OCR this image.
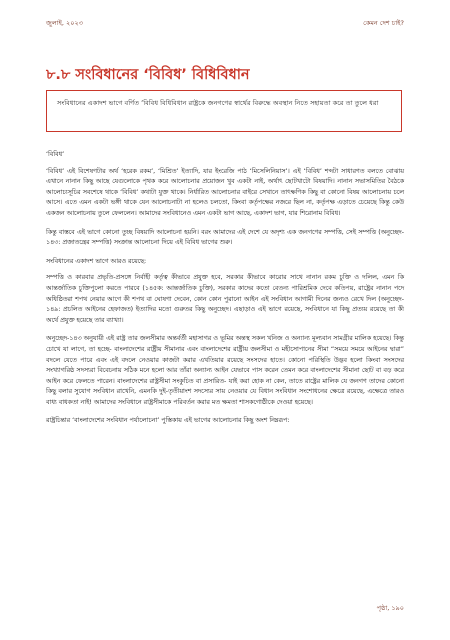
জুলাই, ২০২৩	কেমন দেশ চাই?
৮.৮ সংবিধানের ‘বিবিধ’ বিধিবিধান

সংবিধানের একাদশ ভাগে বর্ণিত ‘বিবিধ বিধিবিধান রাষ্ট্রকে জনগণের স্বার্থের বিরুদ্ধে অবস্থান নিতে সহায়তা করে তা তুলে ধরা

‘বিবিধ’

‘বিবিধ’ এই বিশেষণটার অর্থ ‘হরেক রকম’, ‘মিশ্রিত’ ইত্যাদি, যার ইংরেজি পাঠ ‘মিসেলিনিয়াস’। এই ‘বিবিধ’ শব্দটা সাধারণত বলতে বোঝায় এখানে নানান কিছু আছে যেগুলোকে পৃথক করে আলোচনার প্রয়োজন খুব একটা নাই, অর্থাৎ ছোটখাটো বিষয়াদি। নানান সভাসমিতির বৈঠকে আলোচ্যসূচির সবশেষে থাকে ‘বিবিধ’ কথাটা যুক্ত থাকে। নির্ধারিত আলোচনার বাইরে সেখানে তাৎক্ষণিক কিছু বা কোনো বিষয় আলোচনায় চলে আসে। এতে এমন একটা ভঙ্গী থাকে যেন আলোচনাটা না হলেও চলতো, কিংবা কর্তৃপক্ষের নজরে ছিল না, কর্তৃপক্ষ এড়াতে চেয়েছে কিন্তু কেউ একজন আলোচনায় তুলে ফেললেন। আমাদের সংবিধানেও এমন একটা ভাগ আছে, একাদশ ভাগ, যার শিরোনাম বিবিধ।

কিন্তু বাস্তবে এই ভাগে কোনো তুচ্ছ বিষয়াদি আলোচনা হয়নি। বরং আমাদের এই দেশে যে অদৃশ্য এক জনগণের সম্পত্তি, সেই সম্পত্তি (অনুচ্ছেদ- ১৪৩: প্রজাতন্ত্রের সম্পত্তি) সংক্রান্ত আলোচনা দিয়ে এই বিবিধ ভাগের শুরু।

সংবিধানের একাদশ ভাগে আরও রয়েছে:

সম্পত্তি ও কারবার প্রভৃতি-প্রসঙ্গে নির্বাহী কর্তৃত্ব কীভাবে প্রযুক্ত হবে, সরকার কীভাবে কারোর সাথে নানান রকম চুক্তি ও দলিল, এমন কি আন্তর্জাতিক চুক্তিপুলো করতে পারবে (১৪৫ক: আন্তর্জাতিক চুক্তি), সরকার কাদের কতো বেতন্য পারিশ্রমিক দেবে কতিপয়, রাষ্ট্রের নানান পদে অধিষ্ঠিতরা শপথ নেয়ার আগে কী শপথ বা ঘোষণা দেবেন, কোন কোন পুরানো আইন এই সংবিধান আগামী দিনের জন্যও রেখে দিল (অনুচ্ছেদ- ১৪৯: প্রচলিত আইনের হেফাজত) ইত্যাদির মতো গুরুতর কিছু অনুচ্ছেদ। এছাড়াও এই ভাগে রয়েছে, সংবিধানে যা কিছু প্রত্যয় রয়েছে তা কী অর্থে প্রযুক্ত হয়েছে তার ব্যাখ্যা।

অনুচ্ছেদ-১৪৩ অনুযায়ী এই রাষ্ট্র তার জলসীমার অন্তর্বর্তী মহাসাগর ও ভূমির অন্তস্থ সকল খনিজ ও অন্যান্য মূল্যবান সামগ্রীর মালিক হয়েছে। কিন্তু চোখে যা লাগে, তা হচ্ছে- বাংলাদেশের রাষ্ট্রীয় সীমানার এবং বাংলাদেশের রাষ্ট্রীয় জলসীমা ও মহীসোপানের সীমা “সময়ে সময়ে আইনের দ্বারা” বদলে যেতে পারে এবং এই বদলে নেওয়ার কাজটা করার এখতিয়ার রয়েছে সংসদের হাতে। কোনো পরিস্থিতি উদ্ভব হলো কিংবা সংসদের সংখ্যাগরিষ্ঠ সদস্যরা বিবেচনায় সঠিক মনে হলো আর তাঁরা অন্যান্য আইন যেভাবে পাস করেন তেমন করে বাংলাদেশের সীমানা ছোট বা বড় করে আইন করে ফেলতে পারেন। বাংলাদেশের রাষ্ট্রসীমা সংকুচিত বা প্রসারিত- যাই করা হোক না কেন, তাতে রাষ্ট্রের মালিক যে জনগণ তাদের কোনো কিছু বলার সুযোগ সংবিধান রাখেনি, এমনকি দুই-তৃতীয়াংশ সদস্যের সায় নেওয়ার যে বিধান সংবিধান সংশোধনের ক্ষেত্রে রয়েছে, এক্ষেত্রে তারও বাধ্য বাধকতা নাই! আমাদের সংবিধানে রাষ্ট্রসীমাকে পরিবর্তন করার মত ক্ষমতা শাসকগোষ্ঠীকে দেওয়া হয়েছে।

রাষ্ট্রচিন্তার ‘বাংলাদেশের সংবিধান পর্যালোচনা’ পুস্তিকায় এই ভাগের আলোচনার কিছু অংশ নিম্নরূপ:

পৃষ্ঠা, ১৯০
